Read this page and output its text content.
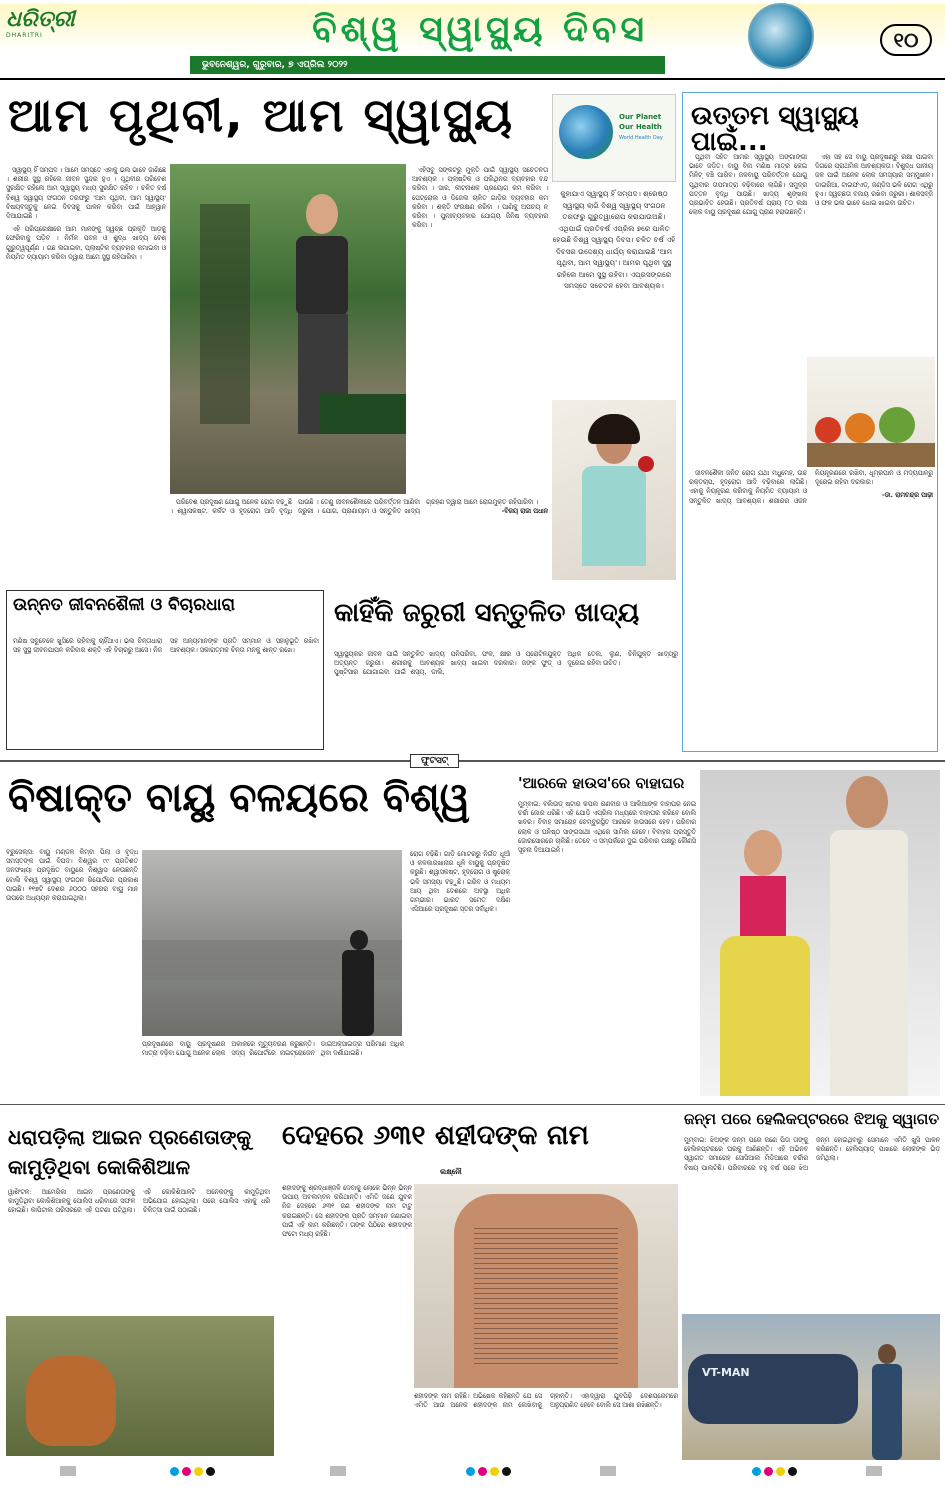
ଧରିତ୍ରୀ
DHARITRI	ବିଶ୍ୱ ସ୍ୱାସ୍ଥ୍ୟ ଦିବସ	୧୦
ଭୁବନେଶ୍ୱର, ଗୁରୁବାର, ୭ ଏପ୍ରିଲ ୨୦୨୨
ଆମ ପୃଥିବୀ, ଆମ ସ୍ୱାସ୍ଥ୍ୟ

ସ୍ୱାସ୍ଥ୍ୟ ହିଁ ସମ୍ପଦ । ଆମେ ସମସ୍ତେ ଏହାକୁ ଭଲ ଭାବେ ଜାଣିଛେ । ଶରୀର ସୁସ୍ଥ ରହିଲେ ଜୀବନ ସୁନ୍ଦର ହୁଏ । ପୃଥିବୀର ପରିବେଶ ସୁରକ୍ଷିତ ରହିଲେ ଆମ ସ୍ୱାସ୍ଥ୍ୟ ମଧ୍ୟ ସୁରକ୍ଷିତ ରହିବ । ଚଳିତ ବର୍ଷ ବିଶ୍ୱ ସ୍ୱାସ୍ଥ୍ୟ ସଂଗଠନ ତରଫରୁ 'ଆମ ପୃଥିବୀ, ଆମ ସ୍ୱାସ୍ଥ୍ୟ' ବିଷୟବସ୍ତୁକୁ ନେଇ ଦିବସକୁ ପାଳନ କରିବା ପାଇଁ ଆହ୍ୱାନ ଦିଆଯାଇଛି ।

ଏହି ପରିପ୍ରେକ୍ଷୀରେ ଆମ ମାନଙ୍କୁ ସ୍ୱଚ୍ଛ ପ୍ରକୃତି ଆଡ଼କୁ ଫେରିବାକୁ ପଡ଼ିବ । ନିର୍ମଳ ପବନ ଓ ଶୁଦ୍ଧ ଖାଦ୍ୟ ବେଶ୍ ଗୁରୁତ୍ୱପୂର୍ଣ୍ଣ । ଗଛ ଲଗାଇବା, ପ୍ଲାଷ୍ଟିକ ବ୍ୟବହାର କମାଇବା ଓ ନିୟମିତ ବ୍ୟାୟାମ କରିବା ଦ୍ୱାରା ଆମେ ସୁସ୍ଥ ରହିପାରିବା ।

ଏହିସବୁ ସଙ୍କଟରୁ ମୁକ୍ତି ପାଇଁ ସ୍ୱାସ୍ଥ୍ୟ ସଚେତନତା ଆବଶ୍ୟକ । ପ୍ଲାଷ୍ଟିକ ଓ ପଲିଥିନର ବ୍ୟବହାର ବନ୍ଦ କରିବା । ସାର, କୀଟନାଶକ ପ୍ରୟୋଗ କମ କରିବା । ପେଟ୍ରୋଲ ଓ ଡିଜେଲ ଚାଳିତ ଗାଡ଼ିର ବ୍ୟବହାର କମ କରିବା । ଶକ୍ତି ସଂରକ୍ଷଣ କରିବା । ପାଣିକୁ ଅପଚୟ ନ କରିବା । ପୁନଃବ୍ୟବହାର ଯୋଗ୍ୟ ଜିନିଷ ବ୍ୟବହାର କରିବା ।

ପରିବେଶ ପ୍ରଦୂଷଣ ଯୋଗୁ ଅନେକ ରୋଗ ବଢ଼ୁଛି । ଶ୍ୱାସକଷ୍ଟ, କର୍କଟ ଓ ହୃଦ୍‌ରୋଗ ଆଦି ବୃଦ୍ଧି ପାଉଛି । ତେଣୁ ଜୀବନଶୈଳୀରେ ପରିବର୍ତ୍ତନ ଆଣିବା ଜରୁରୀ । ଯୋଗ, ପ୍ରାଣାୟାମ ଓ ସନ୍ତୁଳିତ ଖାଦ୍ୟ ଗ୍ରହଣ ଦ୍ୱାରା ଆମେ ରୋଗମୁକ୍ତ ରହିପାରିବା ।

-ବିଜୟ ରାଜା ପଧାନ

Our Planet
Our Health
World Health Day
କୁହାଯାଏ ସ୍ୱାସ୍ଥ୍ୟ ହିଁ ସମ୍ପଦ। ଶ୍ରେଷ୍ଠ ସ୍ୱାସ୍ଥ୍ୟ ଲାଗି ବିଶ୍ୱ ସ୍ୱାସ୍ଥ୍ୟ ସଂଗଠନ ତରଫରୁ ଗୁରୁତ୍ୱାରୋପ କରାଯାଉଅଛି। ଏଥିପାଇଁ ପ୍ରତିବର୍ଷ ଏପ୍ରିଲ ୭ରେ ପାଳିତ ହେଉଛି ବିଶ୍ୱ ସ୍ୱାସ୍ଥ୍ୟ ଦିବସ। ଚଳିତ ବର୍ଷ ଏହି ଦିବସର ଉଦ୍ଦେଶ୍ୟ ଧାର୍ଯ୍ୟ କରାଯାଇଛି 'ଆମ ପୃଥିବୀ, ଆମ ସ୍ୱାସ୍ଥ୍ୟ'। ଆମର ପୃଥିବୀ ସୁସ୍ଥ ରହିଲେ ଆମେ ସୁସ୍ଥ ରହିବା। ଏପ୍ରସଙ୍ଗରେ ସମସ୍ତେ ସଚେତନ ହେବା ଆବଶ୍ୟକ।
ଉତ୍ତମ ସ୍ୱାସ୍ଥ୍ୟ ପାଇଁ...

ପୃଥିବୀ ସହିତ ଆମର ସ୍ୱାସ୍ଥ୍ୟ ଅଙ୍ଗାଙ୍ଗୀ ଭାବେ ଜଡ଼ିତ। ବାୟୁ ବିନା ମଣିଷ ମାତ୍ର କେଇ ମିନିଟ୍ ବଞ୍ଚି ପାରିବ। ଜଳବାୟୁ ପରିବର୍ତ୍ତନ ଯୋଗୁ ପୃଥିବୀର ତାପମାତ୍ରା ବଢ଼ିବାରେ ଲାଗିଛି। ସମୁଦ୍ର ପତ୍ତନ ବୃଦ୍ଧି ପାଉଛି। ଖାଦ୍ୟ ଶୃଙ୍ଖଳା ପ୍ରଭାବିତ ହେଉଛି। ପ୍ରତିବର୍ଷ ପ୍ରାୟ ୮୦ ଲକ୍ଷ ଲୋକ ବାୟୁ ପ୍ରଦୂଷଣ ଯୋଗୁ ପ୍ରାଣ ହରାଉଛନ୍ତି।

ଏହା ସହ ସେ ବାୟୁ ପ୍ରଦୂଷଣରୁ ରକ୍ଷା ପାଇବା ଦିଗରେ ପ୍ରାଥମିକ ଆବଶ୍ୟକତା। ବିଶୁଦ୍ଧ ପାନୀୟ ଜଳ ପାଇଁ ଅନେକ ଲୋକ ସମସ୍ୟାର ସମ୍ମୁଖୀନ। ଡାଇରିଆ, ଟାଇଫଏଡ୍, ଜଣ୍ଡିସ ଭଳି ରୋଗ ଏଥିରୁ ହୁଏ। ସ୍ୱଚ୍ଛତା ବଜାୟ ରଖିବା ଜରୁରୀ। ଶାକସବ୍ଜି ଓ ଫଳ ଭଲ ଭାବେ ଧୋଇ ଖାଇବା ଉଚିତ।

ଜୀବନଶୈଳୀ ଜନିତ ରୋଗ ଯଥା ମଧୁମେହ, ଉଚ୍ଚ ରକ୍ତଚାପ, ହୃଦ୍‌ରୋଗ ଆଦି ବଢ଼ିବାରେ ଲାଗିଛି। ଏହାକୁ ନିୟନ୍ତ୍ରଣ କରିବାକୁ ନିୟମିତ ବ୍ୟାୟାମ ଓ ସନ୍ତୁଳିତ ଖାଦ୍ୟ ଆବଶ୍ୟକ। ଶରୀରର ଓଜନ ନିୟନ୍ତ୍ରଣରେ ରଖିବା, ଧୂମ୍ରପାନ ଓ ମଦ୍ୟପାନରୁ ଦୂରେଇ ରହିବା ଦରକାର।

-ଡା. ରାମଚନ୍ଦ୍ର ପାଢ଼ୀ

ଉନ୍ନତ ଜୀବନଶୈଳୀ ଓ ବିଚାରଧାରା
ମଣିଷ ସବୁବେଳେ ଖୁସିରେ ରହିବାକୁ ଚାହିଁଥାଏ। ଭଲ ଚିନ୍ତାଧାରା ସହ ସୁସ୍ଥ ଜୀବନଯାପନ କରିବାର ଶକ୍ତି ଏହି ବିଚାରରୁ ଆସେ। ନିଜ ସହ ଅନ୍ୟମାନଙ୍କ ପ୍ରତି ସମ୍ମାନ ଓ ସହାନୁଭୂତି ରଖିବା ଆବଶ୍ୟକ। ସକାରାତ୍ମକ ଚିନ୍ତା ମନକୁ ଶାନ୍ତ ରଖେ।
କାହିଁକି ଜରୁରୀ ସନ୍ତୁଳିତ ଖାଦ୍ୟ
ସ୍ୱାସ୍ଥ୍ୟକର ଜୀବନ ପାଇଁ ସନ୍ତୁଳିତ ଖାଦ୍ୟ ଅତ୍ୟନ୍ତ ଜରୁରୀ। ଶରୀରକୁ ଆବଶ୍ୟକ ପୁଷ୍ଟିସାର ଯୋଗାଇବା ପାଇଁ ଶସ୍ୟ, ଡାଲି, ପନିପରିବା, ଫଳ, କ୍ଷୀର ଓ ପ୍ରୋଟିନଯୁକ୍ତ ଖାଦ୍ୟ ଖାଇବା ଦରକାର। ଜଙ୍କ ଫୁଡ୍ ଓ ଅଧିକ ତେଲ, ଲୁଣ, ଚିନିଯୁକ୍ତ ଖାଦ୍ୟରୁ ଦୂରେଇ ରହିବା ଉଚିତ।
ଫୁଟସଟ୍
ବିଷାକ୍ତ ବାୟୁ ବଳୟରେ ବିଶ୍ୱ
ବ୍ରୁସେଲ୍ସ: ବାୟୁ ମଣ୍ଡଳ କିମ୍ବା ପିଲା ଓ ବୃଦ୍ଧ ସମସ୍ତଙ୍କ ପାଇଁ ବିପଦ। ବିଶ୍ୱର ୯୯ ପ୍ରତିଶତ ଜନସଂଖ୍ୟା ପ୍ରଦୂଷିତ ବାୟୁରେ ନିଶ୍ୱାସ ନେଉଛନ୍ତି ବୋଲି ବିଶ୍ୱ ସ୍ୱାସ୍ଥ୍ୟ ସଂଗଠନ ରିପୋର୍ଟରେ ପ୍ରକାଶ ପାଇଛି। ୧୧୭ଟି ଦେଶର ୬୦୦୦ ସହରର ବାୟୁ ମାନ ଉପରେ ଅଧ୍ୟୟନ କରାଯାଇଥିଲା।
ରୋଗ ବଢ଼ିଛି। ଗାଡ଼ି ମୋଟରରୁ ନିର୍ଗତ ଧୂଆଁ ଓ କଳକାରଖାନାର ଧୂଳି ବାୟୁକୁ ପ୍ରଦୂଷିତ କରୁଛି। ଶ୍ୱାସକଷ୍ଟ, ହୃଦ୍‌ରୋଗ ଓ ଷ୍ଟ୍ରୋକ୍ ଭଳି ସମସ୍ୟା ବଢ଼ୁଛି। ଗରିବ ଓ ମଧ୍ୟମ ଆୟ ଥିବା ଦେଶରେ ଅବସ୍ଥା ଅଧିକ ଗମ୍ଭୀର। ଭାରତ ସମେତ ଦକ୍ଷିଣ ଏସିଆରେ ପ୍ରଦୂଷଣ ସ୍ତର ସର୍ବାଧିକ।
ପ୍ରଦୂଷଣରେ ବାୟୁ ପ୍ରଦୂଷଣର ମାତ୍ରା ବଢ଼ିବା ଯୋଗୁ ଅନେକ ଲୋକ ଅକାଳରେ ମୃତ୍ୟୁବରଣ କରୁଛନ୍ତି। ସଦ୍ୟ ରିପୋର୍ଟରେ ନାଇଟ୍ରୋଜେନ ଡାଇଅକ୍ସାଇଡ୍‌ର ପରିମାଣ ଅଧିକ ଥିବା ଦର୍ଶାଯାଇଛି।
'ଆରକେ ହାଉସ'ରେ ବାହାଘର
ମୁମ୍ବାଇ: ବଲିଉଡ୍ ଷ୍ଟାର କପଲ ରଣବୀର ଓ ଆଲିଆଙ୍କ ବାହାଘର ନେଇ ଚର୍ଚ୍ଚା ଜୋର ଧରିଛି। ଏହି ଯୋଡ଼ି ଏପ୍ରିଲ ମଧ୍ୟରେ ବାହାଘର କରିବେ ବୋଲି ଖବର। ବିବାହ ସମାରୋହ ଚେମ୍ବୁରସ୍ଥିତ ଆରକେ ହାଉସରେ ହେବ। ପରିବାର ଲୋକ ଓ ଘନିଷ୍ଠ ସାଙ୍ଗସାଥୀ ଏଥିରେ ସାମିଲ ହେବେ। ବିବାହର ପ୍ରସ୍ତୁତି ଜୋରସୋରରେ ଚାଲିଛି। ତେବେ ଏ ସମ୍ପର୍କରେ ଦୁଇ ପରିବାର ପକ୍ଷରୁ କୌଣସି ସୂଚନା ଦିଆଯାଇନି।
ଧରାପଡ଼ିଲା ଆଇନ ପ୍ରଣେତାଙ୍କୁ କାମୁଡ଼ିଥିବା କୋକିଶିଆଳ
ୱାଶିଂଟନ: ଆମେରିକା ଆଇନ ପ୍ରଣେତାଙ୍କୁ କାମୁଡ଼ିଥିବା କୋକିଶିଆଳକୁ ପୋଲିସ ଧରିବାରେ ସଫଳ ହୋଇଛି। କାପିଟାଲ ପରିସରରେ ଏହି ଘଟଣା ଘଟିଥିଲା। ଏହି କୋକିଶିଆଳଟି ଅନେକଙ୍କୁ କାମୁଡ଼ିଥିବା ଅଭିଯୋଗ ହୋଇଥିଲା। ପରେ ପୋଲିସ ଏହାକୁ ଧରି ଚିକିତ୍ସା ପାଇଁ ପଠାଇଛି।
ଦେହରେ ୬୩୧ ଶହୀଦଙ୍କ ନାମ
ଲକ୍ଷ୍ନୌ
ଶହୀଦଙ୍କୁ ଶ୍ରଦ୍ଧାଞ୍ଜଳି ଦେବାକୁ ଲୋକେ ଭିନ୍ନ ଭିନ୍ନ ଉପାୟ ଅବଲମ୍ବନ କରିଥାନ୍ତି। ଏମିତି ଜଣେ ଯୁବକ ନିଜ ଦେହରେ ୬୩୧ ଜଣ ଶହୀଦଙ୍କ ନାମ ଟାଟୁ କରାଇଛନ୍ତି। ସେ ଶହୀଦଙ୍କ ପ୍ରତି ସମ୍ମାନ ଜଣାଇବା ପାଇଁ ଏହି କାମ କରିଛନ୍ତି। ତାଙ୍କ ପିଠିରେ ଶହୀଦଙ୍କ ଫଟୋ ମଧ୍ୟ ରହିଛି।
ଶହୀଦଙ୍କ ନାମ ରହିଛି। ଅଭିଷେକ କହିଛନ୍ତି ଯେ ସେ ଏମିତି ଆଉ ଅନେକ ଶହୀଦଙ୍କ ନାମ ଲେଖିବାକୁ ଚାହାନ୍ତି। ଏହାଦ୍ୱାରା ଯୁବପିଢ଼ି ଦେଶପ୍ରେମରେ ଅନୁପ୍ରାଣିତ ହେବେ ବୋଲି ସେ ଆଶା ରଖିଛନ୍ତି।
ଜନ୍ମ ପରେ ହେଲିକପ୍ଟରରେ ଝିଅକୁ ସ୍ୱାଗତ
ମୁମ୍ବାଇ: ଝିଅଙ୍କ ଜନ୍ମ ପରେ ଜଣେ ପିତା ତାଙ୍କୁ ହେଲିକପ୍ଟରରେ ଘରକୁ ଆଣିଛନ୍ତି। ଏହି ଅଭିନବ ସ୍ୱାଗତ ସମାରୋହ ସୋସିଆଲ ମିଡିଆରେ ଚର୍ଚ୍ଚାର ବିଷୟ ପାଲଟିଛି। ପରିବାରରେ ବହୁ ବର୍ଷ ପରେ ଝିଅ ଜନ୍ମ ହୋଇଥିବାରୁ ସେମାନେ ଏମିତି ଖୁସି ପାଳନ କରିଛନ୍ତି। ହେଲିପ୍ୟାଡ୍ ପାଖରେ ଲୋକଙ୍କ ଭିଡ଼ ଜମିଥିଲା।
VT-MAN
